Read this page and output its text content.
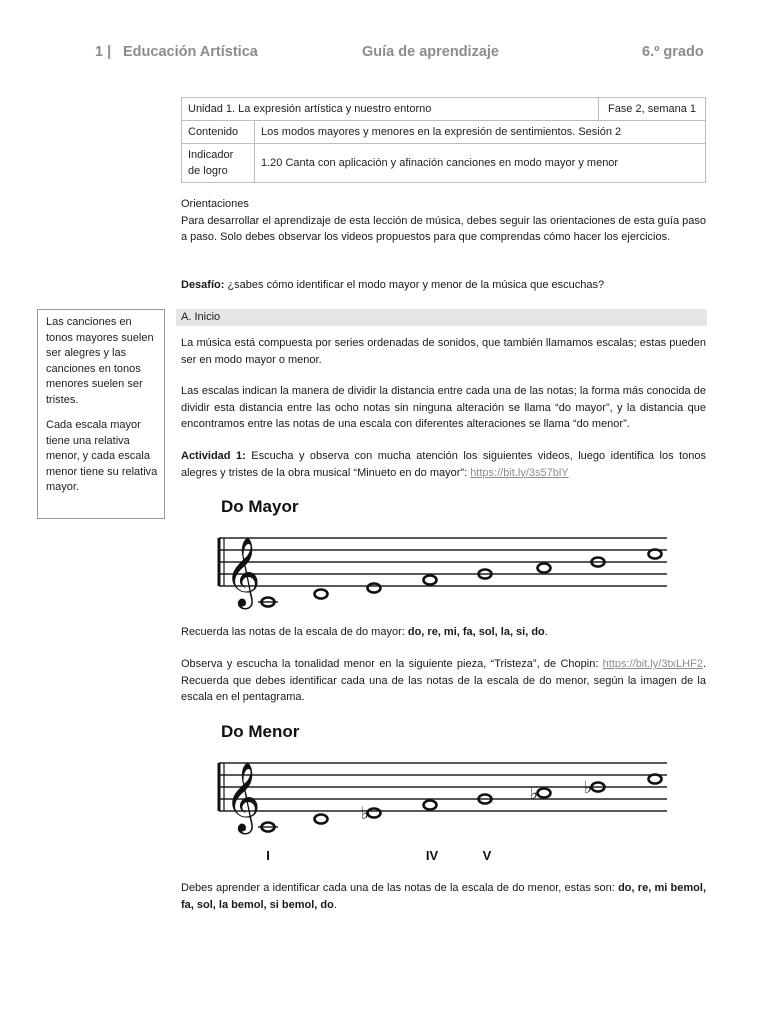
1 | Educación Artística	Guía de aprendizaje	6.º grado
Unidad 1. La expresión artística y nuestro entorno		Fase 2, semana 1
Contenido	Los modos mayores y menores en la expresión de sentimientos. Sesión 2	
Indicador de logro	1.20 Canta con aplicación y afinación canciones en modo mayor y menor	
Orientaciones
Para desarrollar el aprendizaje de esta lección de música, debes seguir las orientaciones de esta guía paso a paso. Solo debes observar los videos propuestos para que comprendas cómo hacer los ejercicios.
Desafío: ¿sabes cómo identificar el modo mayor y menor de la música que escuchas?

Las canciones en tonos mayores suelen ser alegres y las canciones en tonos menores suelen ser tristes.

Cada escala mayor tiene una relativa menor, y cada escala menor tiene su relativa mayor.

A. Inicio
La música está compuesta por series ordenadas de sonidos, que también llamamos escalas; estas pueden ser en modo mayor o menor.
Las escalas indican la manera de dividir la distancia entre cada una de las notas; la forma más conocida de dividir esta distancia entre las ocho notas sin ninguna alteración se llama “do mayor”, y la distancia que encontramos entre las notas de una escala con diferentes alteraciones se llama “do menor”.
Actividad 1: Escucha y observa con mucha atención los siguientes videos, luego identifica los tonos alegres y tristes de la obra musical “Minueto en do mayor”: https://bit.ly/3s57blY
Do Mayor
𝄞
Recuerda las notas de la escala de do mayor: do, re, mi, fa, sol, la, si, do.
Observa y escucha la tonalidad menor en la siguiente pieza, “Tristeza”, de Chopin: https://bit.ly/3txLHF2. Recuerda que debes identificar cada una de las notas de la escala de do menor, según la imagen de la escala en el pentagrama.
Do Menor
𝄞	♭
♭	♭
I	IV	V
Debes aprender a identificar cada una de las notas de la escala de do menor, estas son: do, re, mi bemol, fa, sol, la bemol, si bemol, do.
